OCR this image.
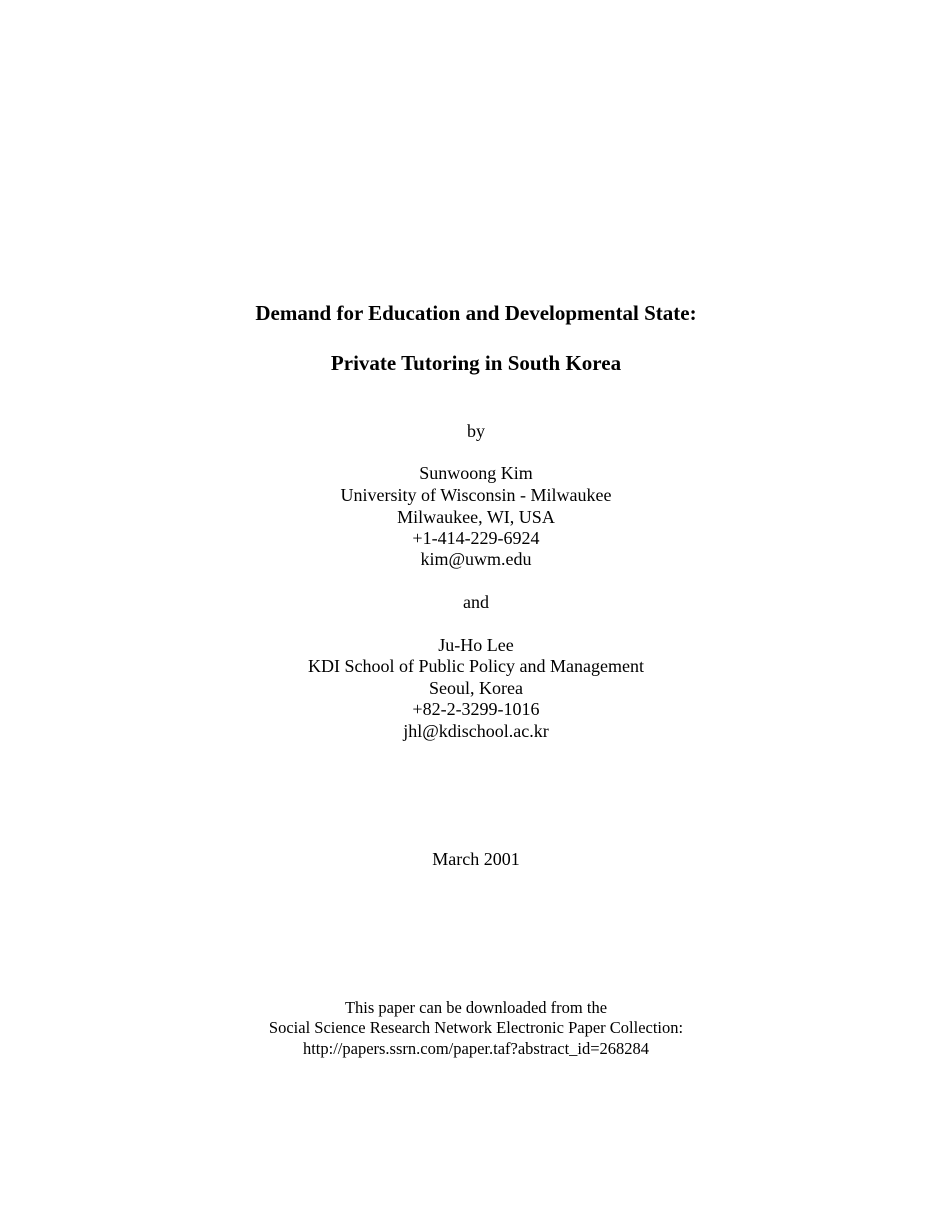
Demand for Education and Developmental State:
Private Tutoring in South Korea
by
Sunwoong Kim
University of Wisconsin - Milwaukee
Milwaukee, WI, USA
+1-414-229-6924
kim@uwm.edu
and
Ju-Ho Lee
KDI School of Public Policy and Management
Seoul, Korea
+82-2-3299-1016
jhl@kdischool.ac.kr
March 2001
This paper can be downloaded from the
Social Science Research Network Electronic Paper Collection:
http://papers.ssrn.com/paper.taf?abstract_id=268284
